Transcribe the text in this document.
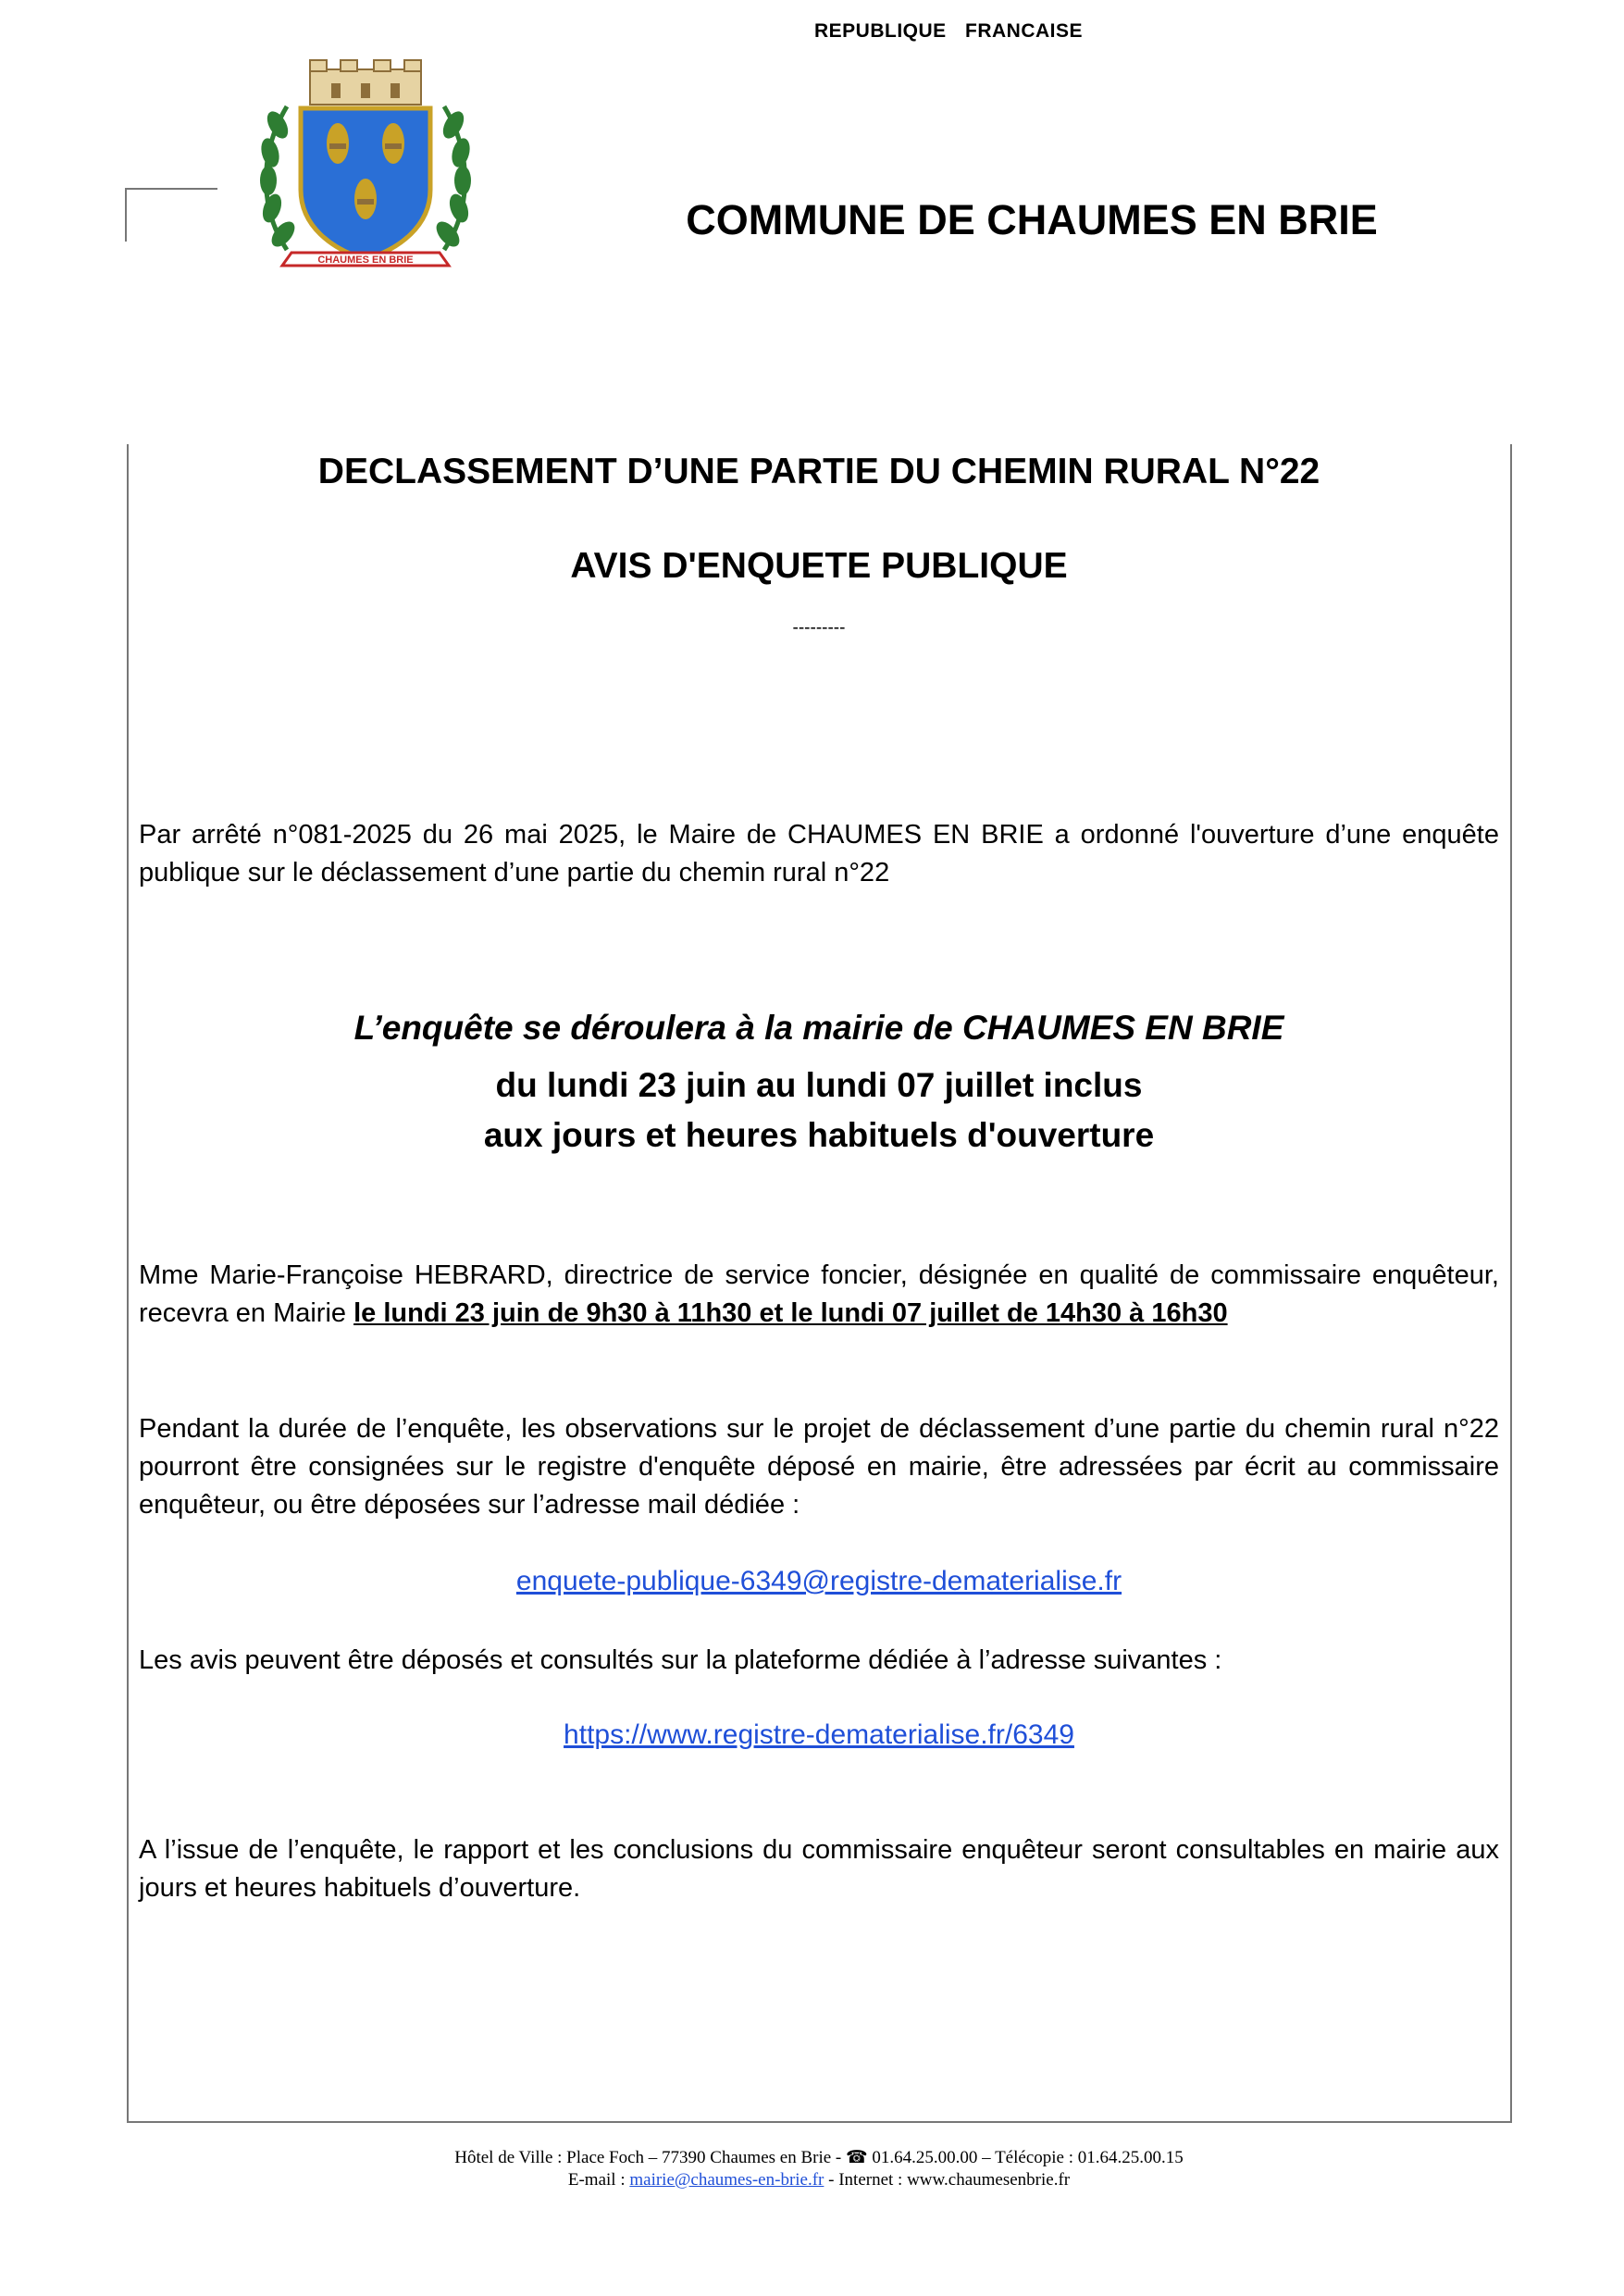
REPUBLIQUE FRANCAISE
CHAUMES EN BRIE
COMMUNE DE CHAUMES EN BRIE
DECLASSEMENT D’UNE PARTIE DU CHEMIN RURAL N°22
AVIS D'ENQUETE PUBLIQUE
---------
Par arrêté n°081-2025 du 26 mai 2025, le Maire de CHAUMES EN BRIE a ordonné l'ouverture d’une enquête publique sur le déclassement d’une partie du chemin rural n°22
L’enquête se déroulera à la mairie de CHAUMES EN BRIE
du lundi 23 juin au lundi 07 juillet inclus
aux jours et heures habituels d'ouverture
Mme Marie-Françoise HEBRARD, directrice de service foncier, désignée en qualité de commissaire enquêteur, recevra en Mairie le lundi 23 juin de 9h30 à 11h30 et le lundi 07 juillet de 14h30 à 16h30
Pendant la durée de l’enquête, les observations sur le projet de déclassement d’une partie du chemin rural n°22 pourront être consignées sur le registre d'enquête déposé en mairie, être adressées par écrit au commissaire enquêteur, ou être déposées sur l’adresse mail dédiée :
enquete-publique-6349@registre-dematerialise.fr
Les avis peuvent être déposés et consultés sur la plateforme dédiée à l’adresse suivantes :
https://www.registre-dematerialise.fr/6349
A l’issue de l’enquête, le rapport et les conclusions du commissaire enquêteur seront consultables en mairie aux jours et heures habituels d’ouverture.
Hôtel de Ville : Place Foch – 77390 Chaumes en Brie - ☎ 01.64.25.00.00 – Télécopie : 01.64.25.00.15
E-mail : mairie@chaumes-en-brie.fr - Internet : www.chaumesenbrie.fr
